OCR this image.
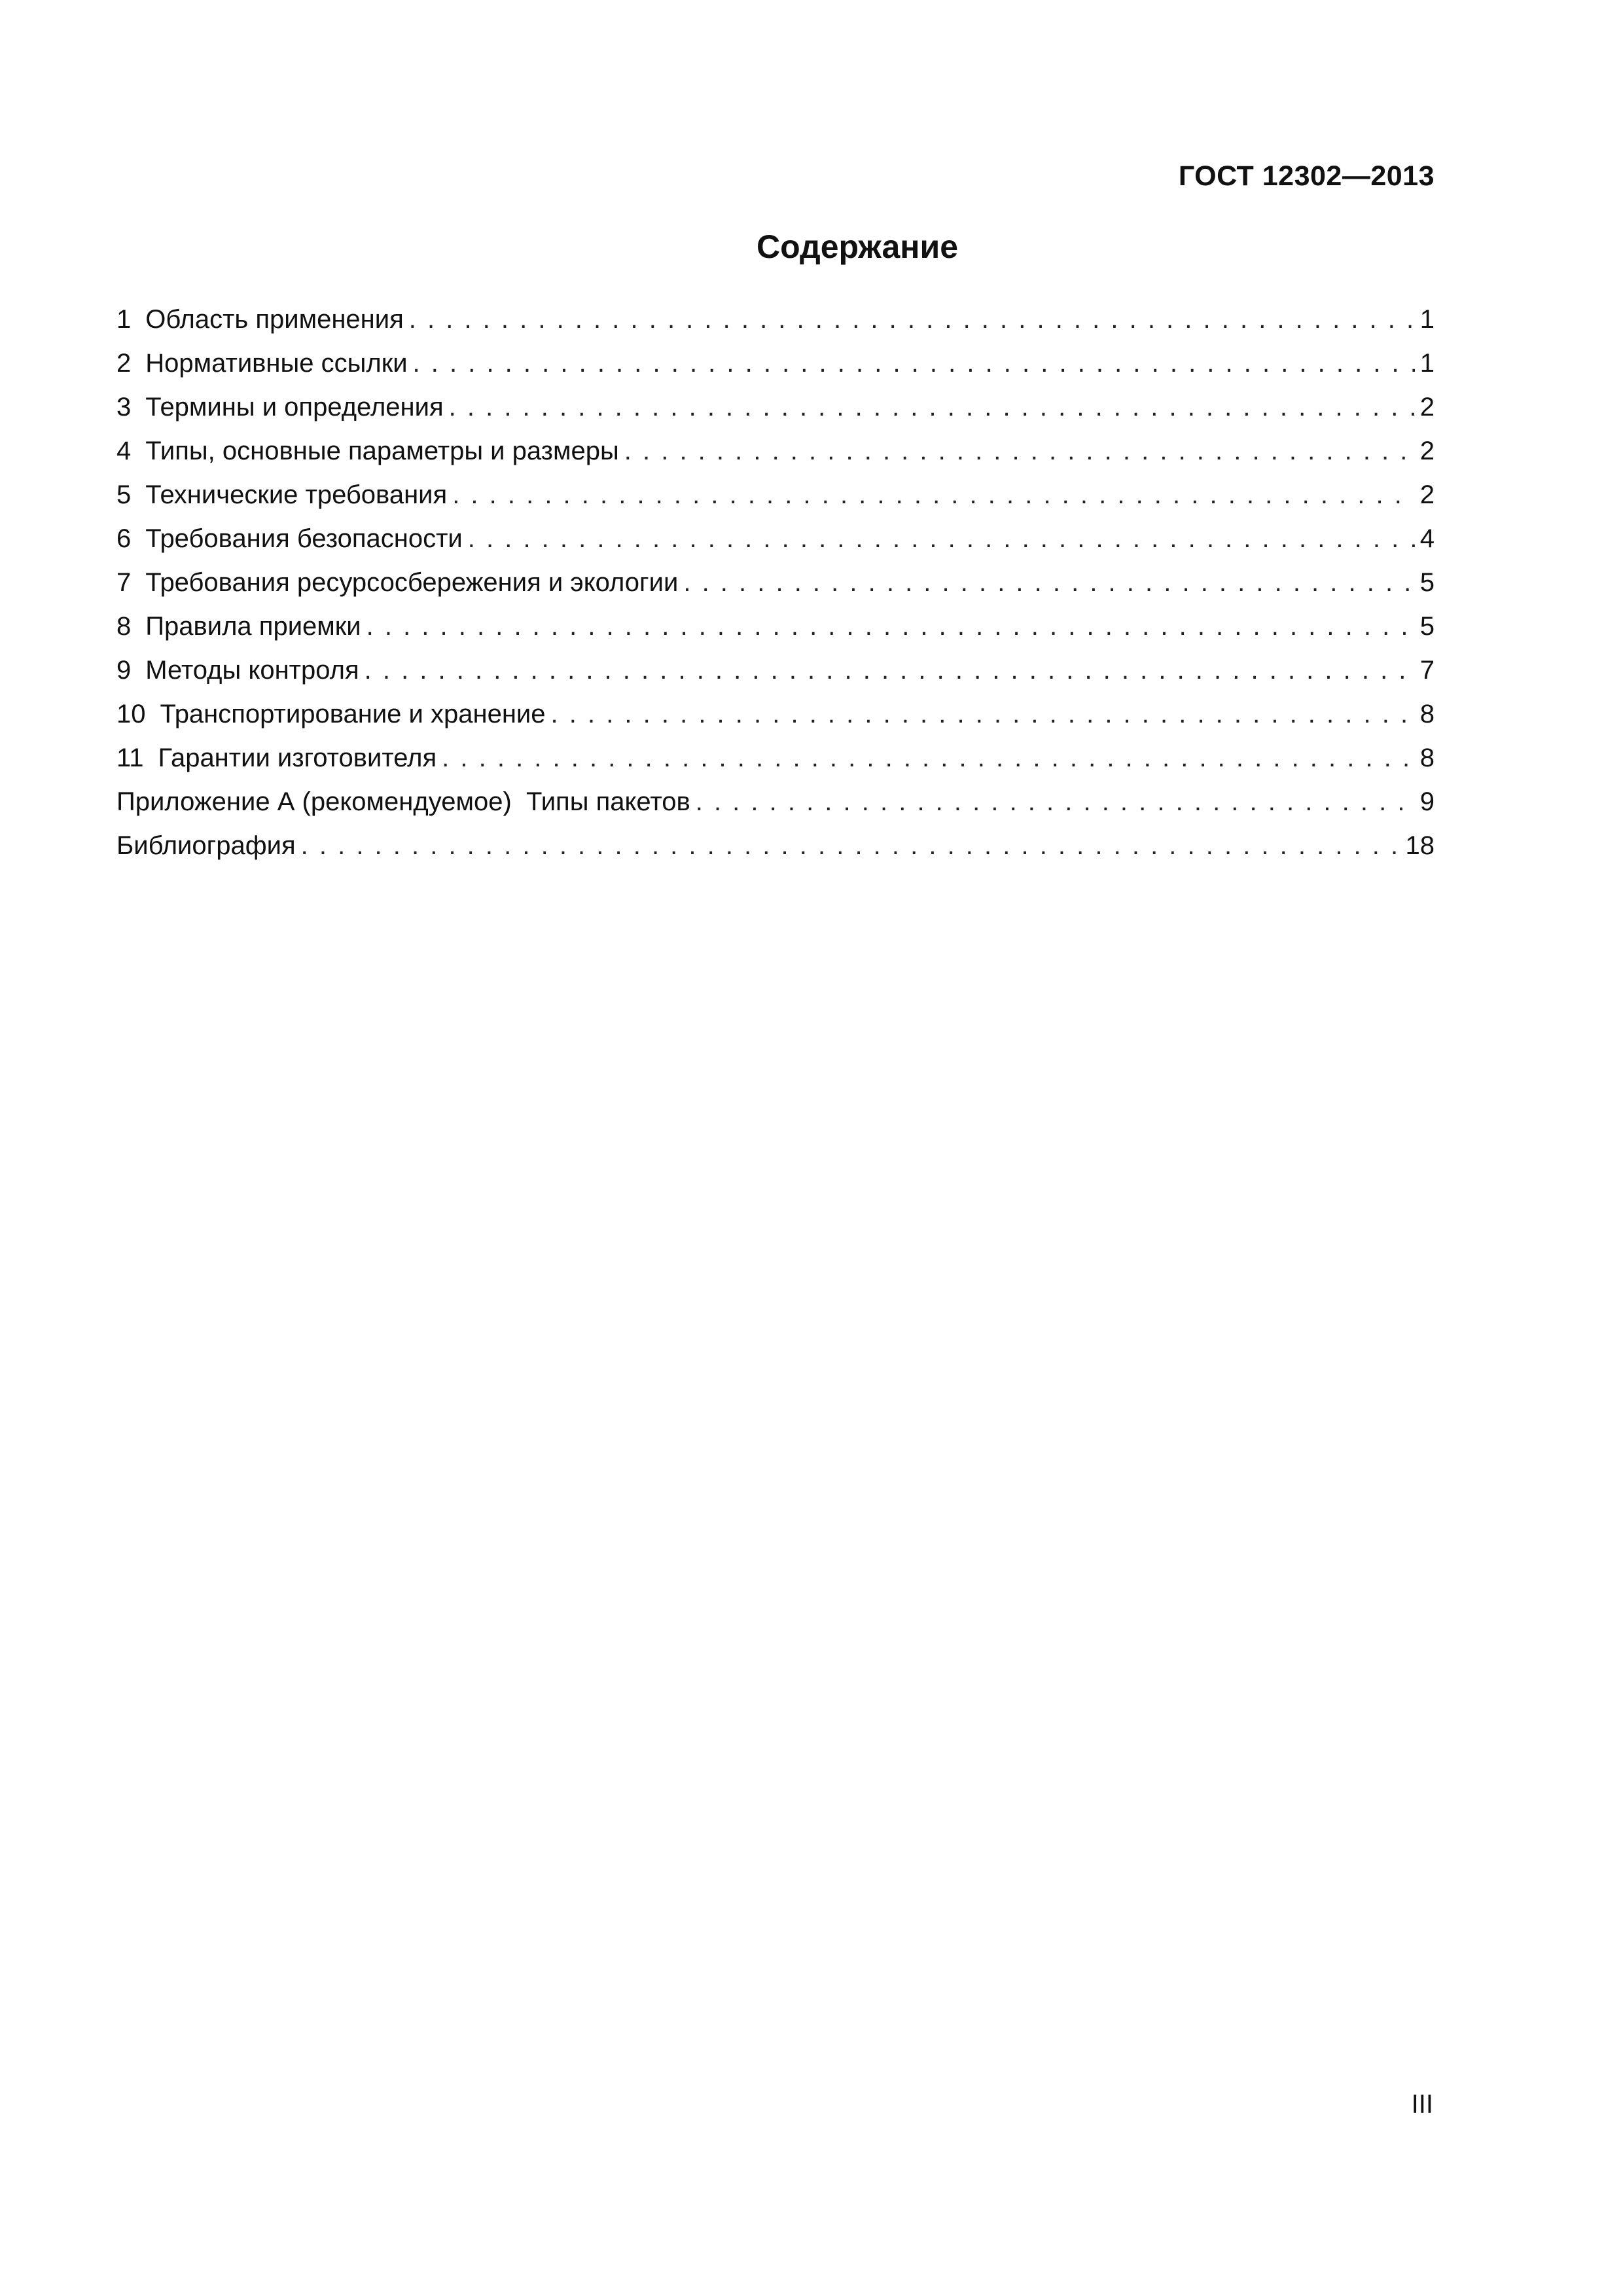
ГОСТ 12302—2013
Содержание
1 Область применения . . .	1
2 Нормативные ссылки . . .	1
3 Термины и определения . . .	2
4 Типы, основные параметры и размеры . . .	2
5 Технические требования . . .	2
6 Требования безопасности . . .	4
7 Требования ресурсосбережения и экологии . . .	5
8 Правила приемки . . .	5
9 Методы контроля . . .	7
10 Транспортирование и хранение . . .	8
11 Гарантии изготовителя . . .	8
Приложение А (рекомендуемое)  Типы пакетов . . .	9
Библиография . . .	18
III
